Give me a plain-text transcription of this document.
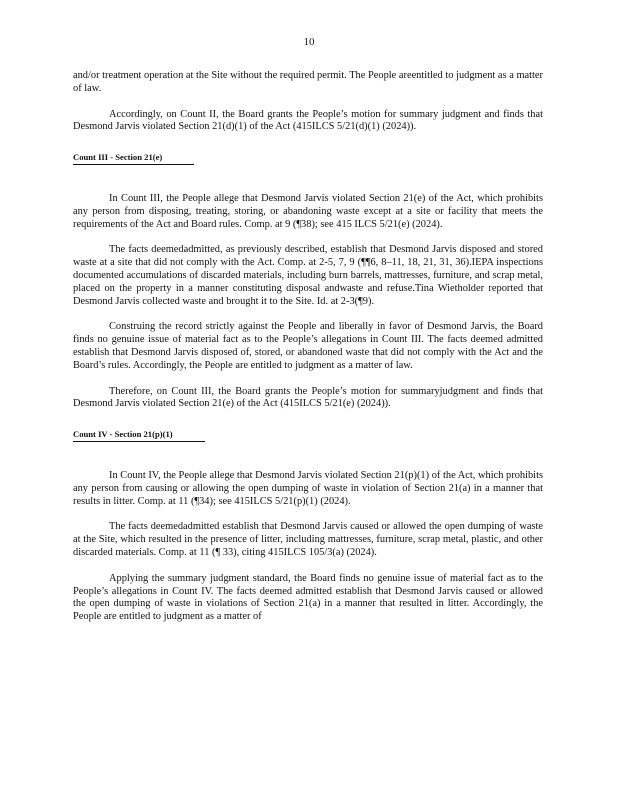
10

and/or treatment operation at the Site without the required permit. The People areentitled to judgment as a matter of law.

Accordingly, on Count II, the Board grants the People’s motion for summary judgment and finds that Desmond Jarvis violated Section 21(d)(1) of the Act (415ILCS 5/21(d)(1) (2024)).

Count III - Section 21(e)

In Count III, the People allege that Desmond Jarvis violated Section 21(e) of the Act, which prohibits any person from disposing, treating, storing, or abandoning waste except at a site or facility that meets the requirements of the Act and Board rules. Comp. at 9 (¶38); see 415 ILCS 5/21(e) (2024).

The facts deemedadmitted, as previously described, establish that Desmond Jarvis disposed and stored waste at a site that did not comply with the Act. Comp. at 2-5, 7, 9 (¶¶6, 8–11, 18, 21, 31, 36).IEPA inspections documented accumulations of discarded materials, including burn barrels, mattresses, furniture, and scrap metal, placed on the property in a manner constituting disposal andwaste and refuse.Tina Wietholder reported that Desmond Jarvis collected waste and brought it to the Site. Id. at 2-3(¶9).

Construing the record strictly against the People and liberally in favor of Desmond Jarvis, the Board finds no genuine issue of material fact as to the People’s allegations in Count III. The facts deemed admitted establish that Desmond Jarvis disposed of, stored, or abandoned waste that did not comply with the Act and the Board’s rules. Accordingly, the People are entitled to judgment as a matter of law.

Therefore, on Count III, the Board grants the People’s motion for summaryjudgment and finds that Desmond Jarvis violated Section 21(e) of the Act (415ILCS 5/21(e) (2024)).

Count IV - Section 21(p)(1)

In Count IV, the People allege that Desmond Jarvis violated Section 21(p)(1) of the Act, which prohibits any person from causing or allowing the open dumping of waste in violation of Section 21(a) in a manner that results in litter. Comp. at 11 (¶34); see 415ILCS 5/21(p)(1) (2024).

The facts deemedadmitted establish that Desmond Jarvis caused or allowed the open dumping of waste at the Site, which resulted in the presence of litter, including mattresses, furniture, scrap metal, plastic, and other discarded materials. Comp. at 11 (¶ 33), citing 415ILCS 105/3(a) (2024).

Applying the summary judgment standard, the Board finds no genuine issue of material fact as to the People’s allegations in Count IV. The facts deemed admitted establish that Desmond Jarvis caused or allowed the open dumping of waste in violations of Section 21(a) in a manner that resulted in litter. Accordingly, the People are entitled to judgment as a matter of
